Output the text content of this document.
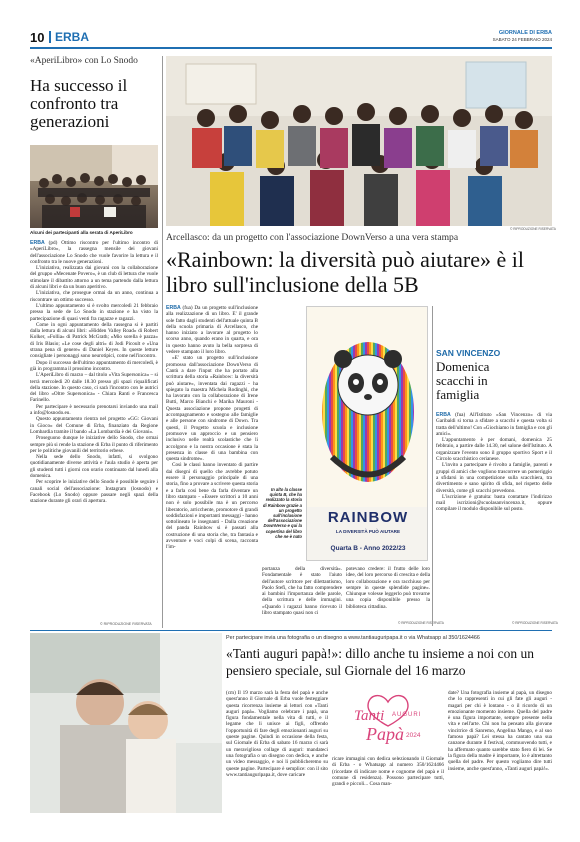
10 ERBA	GIORNALE DI ERBA
SABATO 24 FEBBRAIO 2024
«AperiLibro» con Lo Snodo
Ha successo il confronto tra generazioni
Alcuni dei partecipanti alla serata di AperiLibro

ERBA (pd) Ottimo riscontro per l'ultimo incontro di «AperiLibro», la rassegna mensile dei giovani dell'associazione Lo Snodo che vuole favorire la lettura e il confronto tra le nuove generazioni.

L'iniziativa, realizzata dai giovani con la collaborazione del gruppo «Mecenate Povero», è un club di lettura che vuole stimolare il dibattito attorno a un tema partendo dalla lettura di alcuni libri e da un buon aperitivo.

L'iniziativa, che prosegue ormai da un anno, continua a riscontrare un ottimo successo.

L'ultimo appuntamento si è svolto mercoledì 21 febbraio presso la sede de Lo Snodo in stazione e ha visto la partecipazione di quasi venti fra ragazze e ragazzi.

Come in ogni appuntamento della rassegna si è partiti dalla lettura di alcuni libri: «Hidden Valley Road» di Robert Kolker, «Follia» di Patrick McGrath; «Mio sorella è pazza» di Iris Blasio; «Le cose degli altri» di Jodi Picoult e «Una strana pena di genere» di Daniel Keyes. In queste letture consigliate i personaggi sono neurotipici, come nell'incontro.

Dopo il successo dell'ultimo appuntamento di mercoledì, è già in programma il prossimo incontro.

L'AperiLibro di marzo – dal titolo «Vita Supersonica» – si terrà mercoledì 20 dalle 18.30 presso gli spazi riqualificati della stazione. In questo caso, ci sarà l'incontro con le autrici del libro «Oltre Supersonica» - Chiara Ranti e Francesca Farinello.

Per partecipare è necessario prenotarsi inviando una mail a info@losnodo.eu.

Questo appuntamento rientra nel progetto «GG: Giovani in Gioco» del Comune di Erba, finanziato da Regione Lombardia tramite il bando «La Lombardia è dei Giovani».

Proseguono dunque le iniziative dello Snodo, che ormai sempre più si rende la stazione di Erba il punto di riferimento per le politiche giovanili del territorio erbese.

Nella sede dello Snodo, infatti, si svolgono quotidianamente diverse attività e l'aula studio è aperta per gli studenti tutti i giorni con orario continuato dal lunedì alla domenica.

Per scoprire le iniziative dello Snodo è possibile seguire i canali social dell'associazione: Instagram (losnodo) e Facebook (Lo Snodo) oppure passare negli spazi della stazione durante gli orari di apertura.

© RIPRODUZIONE RISERVATA
© RIPRODUZIONE RISERVATA
Arcellasco: da un progetto con l'associazione DownVerso a una vera stampa
«Rainbown: la diversità può aiutare» è il libro sull'inclusione della 5B

ERBA (fua) Da un progetto sull'inclusione alla realizzazione di un libro. E' il grande sole fatto dagli studenti dell'attuale quinta B della scuola primaria di Arcellasco, che hanno iniziato a lavorare al progetto lo scorso anno, quando erano in quarta, e ora in questo hanno avuto la bella sorpresa di vedere stampato il loro libro.

«E' stato un progetto sull'inclusione promosso dall'associazione DownVerso di Cantù a dare l'input che ha portato alla scrittura della storia «Rainbow: la diversità può aiutare», inventata dai ragazzi - ha spiegato la maestra Michela Rodinghi, che ha lavorato con la collaborazione di Irene Butti, Marco Bianchi e Marika Mauroni - Questa associazione propone progetti di accompagnamento e sostegno alle famiglie e alle persone con sindrome di Down. Tra questi, il Progetto scuola e inclusione promuove un approccio e un pensiero inclusivo nelle realtà scolastiche che li accolgono e la nostra occasione è stata la presenza in classe di una bambina con questa sindrome».

Così le classi hanno inventato di partire dai disegni di quello che avrebbe potuto essere il personaggio principale di una storia, fino a provare a scrivere questa storia e a farla così bene da farla diventare un libro stampato - «Essere scrittori a 10 anni non è solo possibile ma è un percorso liberatorio, arricchente, promotore di grandi soddisfazioni e importanti messaggi - hanno sottolineato le insegnanti - Dalla creazione del panda Rainbow si è passati alla costruzione di una storia che, tra fantasia e avventure e voci colpi di scena, racconta l'im-

In alto la classe quinta B, che ha realizzato la storia di Rainbow grazie a un progetto sull'inclusione dell'associazione DownVerso e qui la copertina del libro che ne è nato
RAINBOW
LA DIVERSITÀ PUÒ AIUTARE
Quarta B - Anno 2022/23

portanza della diversità». Fondamentale è stato l'aiuto dell'autore scrittore per dilettantismo, Paolo Stefi, che ha fatto comprendere ai bambini l'importanza delle parole, della scrittura e delle immagini. «Quando i ragazzi hanno ricevuto il libro stampato quasi non ci

potevano credere: il frutto delle loro idee, del loro percorso di crescita e della loro collaborazione e ora racchiuso per sempre in queste splendide pagine». Chiunque volesse leggerlo può trovarne una copia disponibile presso la biblioteca cittadina.

© RIPRODUZIONE RISERVATA
SAN VINCENZO
Domenica scacchi in famiglia

ERBA (fua) All'Istituto «San Vincenzo» di via Garibaldi si torna a sfidare a scacchi e questa volta si tratta dell'ultimo! Con «Giochiamo in famiglia e con gli amici».

L'appuntamento è per domani, domenica 25 febbraio, a partire dalle 14.30, nel salone dell'Istituto. A organizzare l'evento sono il gruppo sportivo Sport e il Circolo scacchistico cerianese.

L'invito a partecipare è rivolto a famiglie, parenti e gruppi di amici che vogliono trascorrere un pomeriggio a sfidarsi in una competizione sulla scacchiera, tra divertimento e sano spirito di sfida, nel rispetto delle diversità, come gli scacchi prevedono.

L'iscrizione è gratuita: basta contattare l'indirizzo mail iscrizioni@scuolasanvincenzo.it, oppure compilare il modulo disponibile sul posto.

© RIPRODUZIONE RISERVATA
Per partecipare invia una fotografia o un disegno a www.tantiauguripapa.it o via Whatsapp al 350/1624466
«Tanti auguri papà!»: dillo anche tu insieme a noi con un pensiero speciale, sul Giornale del 16 marzo

(cm) Il 19 marzo sarà la festa del papà e anche quest'anno il Giornale di Erba vuole festeggiare questa ricorrenza insieme ai lettori con «Tanti auguri papà». Vogliamo celebrare i papà, una figura fondamentale nella vita di tutti, e il legame che li unisce ai figli, offrendo l'opportunità di fare degli emozionanti auguri su queste pagine. Quindi in occasione della festa, sul Giornale di Erba di sabato 16 marzo ci sarà un meraviglioso collage di auguri: mandateci una fotografia o un disegno con dedica, e anche un video messaggio, e noi li pubblicheremo su queste pagine. Partecipare è semplice: con il sito www.tantiauguripapa.it, dove caricare

Tanti AUGURI
Papà 2024

ricare immagini con dedica selezionando il Giornale di Erba - o Whatsapp al numero 350/1624466 (ricordate di indicare nome e cognome del papà e il comune di residenza). Possono partecipare tutti, grandi e piccoli... Cosa man-

date? Una fotografia insieme al papà, un disegno che lo rappresenti in cui gli fate gli auguri - magari per chi è lontano - o il ricordo di un emozionante momento insieme. Quella del padre è una figura importante, sempre presente nella vita e nell'arte. Chi non ha pensato alla giovane vincitrice di Sanremo, Angelina Mango, e al suo famoso papà? Lei stessa ha cantato una sua canzone durante il festival, commuovendo tutti, e ha affermato quanto sarebbe stato fiero di lei. Se la figura della madre è importante, lo è altrettanto quella del padre. Per questo vogliamo dire tutti insieme, anche quest'anno, «Tanti auguri papà!».
